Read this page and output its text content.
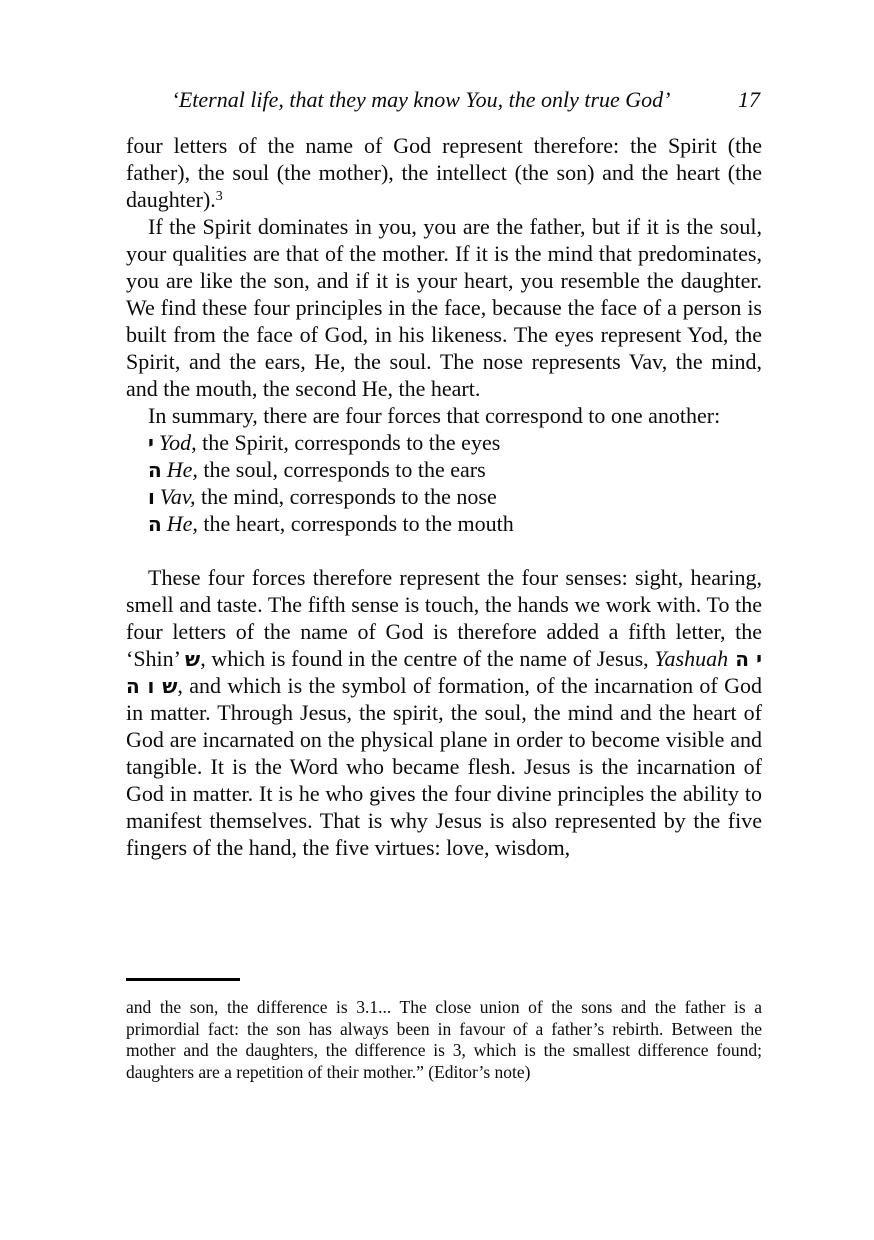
‘Eternal life, that they may know You, the only true God’	17

four letters of the name of God represent therefore: the Spirit (the father), the soul (the mother), the intellect (the son) and the heart (the daughter).$^3$

If the Spirit dominates in you, you are the father, but if it is the soul, your qualities are that of the mother. If it is the mind that predominates, you are like the son, and if it is your heart, you resemble the daughter. We find these four principles in the face, because the face of a person is built from the face of God, in his likeness. The eyes represent Yod, the Spirit, and the ears, He, the soul. The nose represents Vav, the mind, and the mouth, the second He, the heart.

In summary, there are four forces that correspond to one another:

י Yod, the Spirit, corresponds to the eyes
ה He, the soul, corresponds to the ears
ו Vav, the mind, corresponds to the nose
ה He, the heart, corresponds to the mouth

These four forces therefore represent the four senses: sight, hearing, smell and taste. The fifth sense is touch, the hands we work with. To the four letters of the name of God is therefore added a fifth letter, the ‘Shin’ ש, which is found in the centre of the name of Jesus, Yashuah י ה ש ו ה, and which is the symbol of formation, of the incarnation of God in matter. Through Jesus, the spirit, the soul, the mind and the heart of God are incarnated on the physical plane in order to become visible and tangible. It is the Word who became flesh. Jesus is the incarnation of God in matter. It is he who gives the four divine principles the ability to manifest themselves. That is why Jesus is also represented by the five fingers of the hand, the five virtues: love, wisdom,

and the son, the difference is 3.1... The close union of the sons and the father is a primordial fact: the son has always been in favour of a father’s rebirth. Between the mother and the daughters, the difference is 3, which is the smallest difference found; daughters are a repetition of their mother.” (Editor’s note)
